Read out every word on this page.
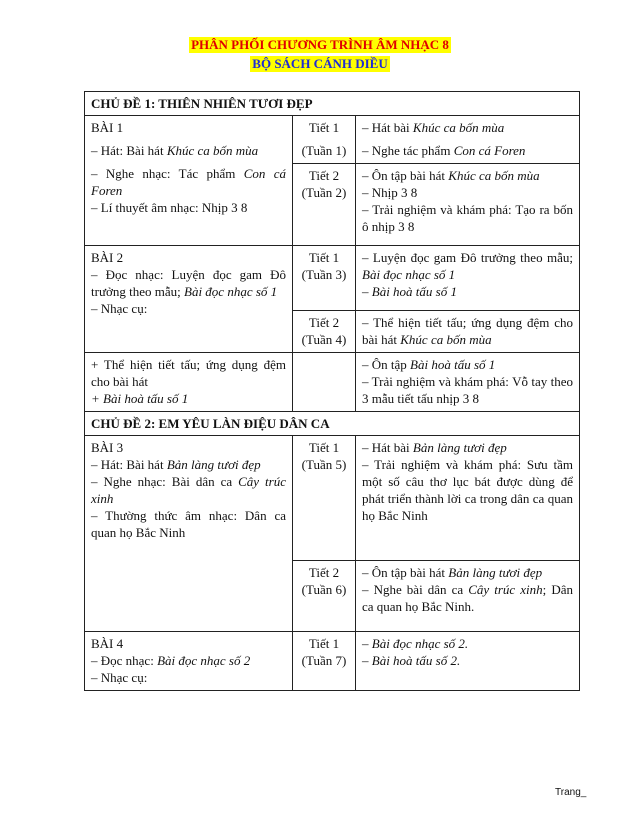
PHÂN PHỐI CHƯƠNG TRÌNH ÂM NHẠC 8
BỘ SÁCH CÁNH DIỀU
CHỦ ĐỀ 1: THIÊN NHIÊN TƯƠI ĐẸP		

BÀI 1
– Hát: Bài hát Khúc ca bốn mùa
– Nghe nhạc: Tác phẩm Con cá Foren
– Lí thuyết âm nhạc: Nhịp 3 8	Tiết 1
(Tuần 1)	– Hát bài Khúc ca bốn mùa
– Nghe tác phẩm Con cá Foren

	Tiết 2
(Tuần 2)	– Ôn tập bài hát Khúc ca bốn mùa
– Nhịp 3 8
– Trải nghiệm và khám phá: Tạo ra bốn ô nhịp 3 8

BÀI 2
– Đọc nhạc: Luyện đọc gam Đô trưởng theo mẫu; Bài đọc nhạc số 1
– Nhạc cụ:	Tiết 1
(Tuần 3)	– Luyện đọc gam Đô trưởng theo mẫu; Bài đọc nhạc số 1
– Bài hoà tấu số 1

	Tiết 2
(Tuần 4)	– Thể hiện tiết tấu; ứng dụng đệm cho bài hát Khúc ca bốn mùa

+ Thể hiện tiết tấu; ứng dụng đệm cho bài hát
+ Bài hoà tấu số 1		– Ôn tập Bài hoà tấu số 1
– Trải nghiệm và khám phá: Vỗ tay theo 3 mẫu tiết tấu nhịp 3 8

CHỦ ĐỀ 2: EM YÊU LÀN ĐIỆU DÂN CA		

BÀI 3
– Hát: Bài hát Bản làng tươi đẹp
– Nghe nhạc: Bài dân ca Cây trúc xinh
– Thường thức âm nhạc: Dân ca quan họ Bắc Ninh	Tiết 1
(Tuần 5)	– Hát bài Bản làng tươi đẹp
– Trải nghiệm và khám phá: Sưu tầm một số câu thơ lục bát được dùng để phát triển thành lời ca trong dân ca quan họ Bắc Ninh

	Tiết 2
(Tuần 6)	– Ôn tập bài hát Bản làng tươi đẹp
– Nghe bài dân ca Cây trúc xinh; Dân ca quan họ Bắc Ninh.

BÀI 4
– Đọc nhạc: Bài đọc nhạc số 2
– Nhạc cụ:	Tiết 1
(Tuần 7)	– Bài đọc nhạc số 2.
– Bài hoà tấu số 2.
Trang_
